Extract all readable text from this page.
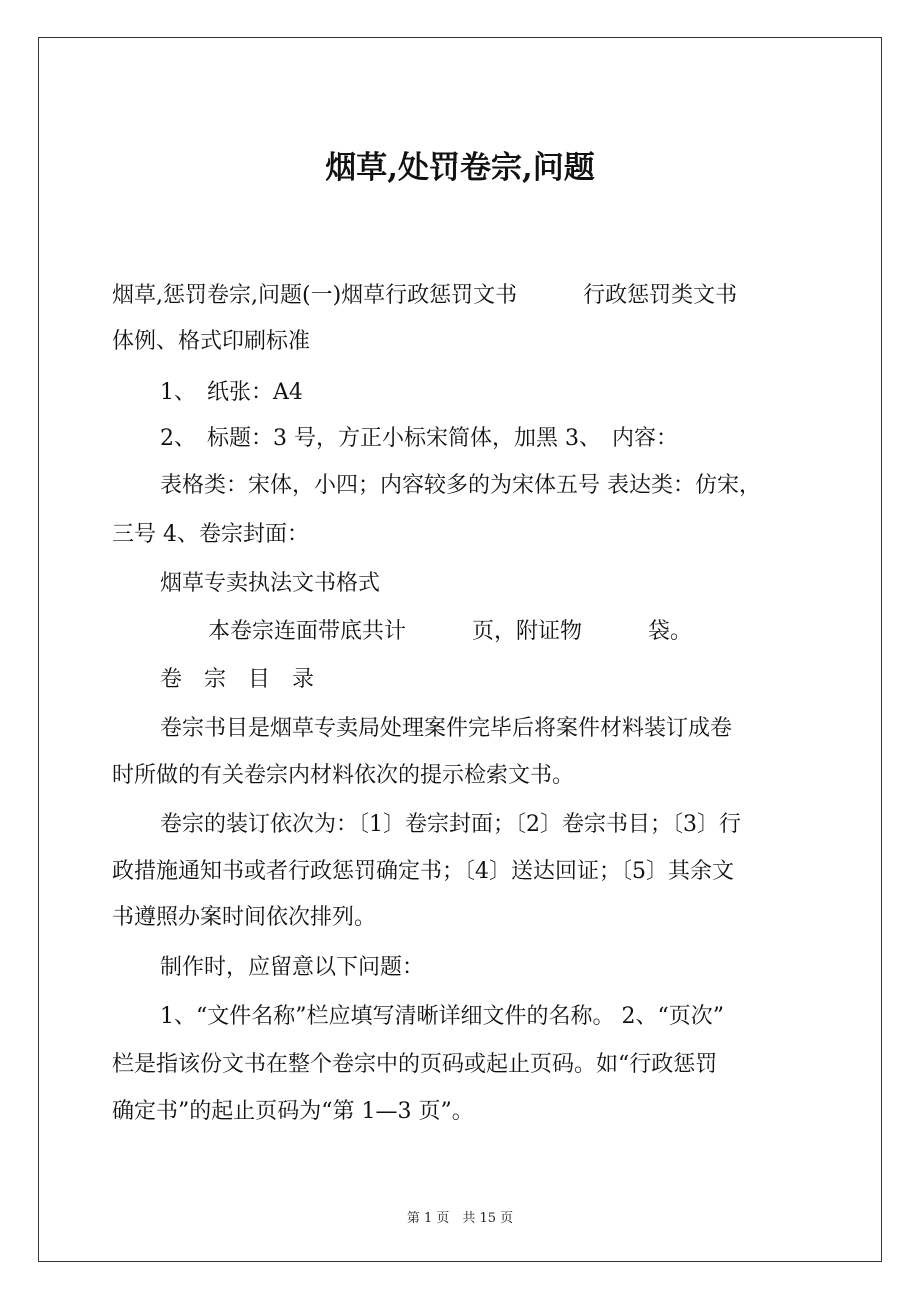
烟草,处罚卷宗,问题

烟草,惩罚卷宗,问题(一)烟草行政惩罚文书　　　行政惩罚类文书

体例、格式印刷标准

1、　纸张：A4

2、　标题：3 号，方正小标宋简体，加黑 3、　内容：

表格类：宋体，小四；内容较多的为宋体五号 表达类：仿宋，

三号 4、卷宗封面：

烟草专卖执法文书格式

本卷宗连面带底共计　　　页，附证物　　　袋。

卷　宗　目　录

卷宗书目是烟草专卖局处理案件完毕后将案件材料装订成卷

时所做的有关卷宗内材料依次的提示检索文书。

卷宗的装订依次为：〔1〕卷宗封面；〔2〕卷宗书目；〔3〕行

政措施通知书或者行政惩罚确定书；〔4〕送达回证；〔5〕其余文

书遵照办案时间依次排列。

制作时，应留意以下问题：

1、“文件名称”栏应填写清晰详细文件的名称。 2、“页次”

栏是指该份文书在整个卷宗中的页码或起止页码。如“行政惩罚

确定书”的起止页码为“第 1—3 页”。

第 1 页　共 15 页
